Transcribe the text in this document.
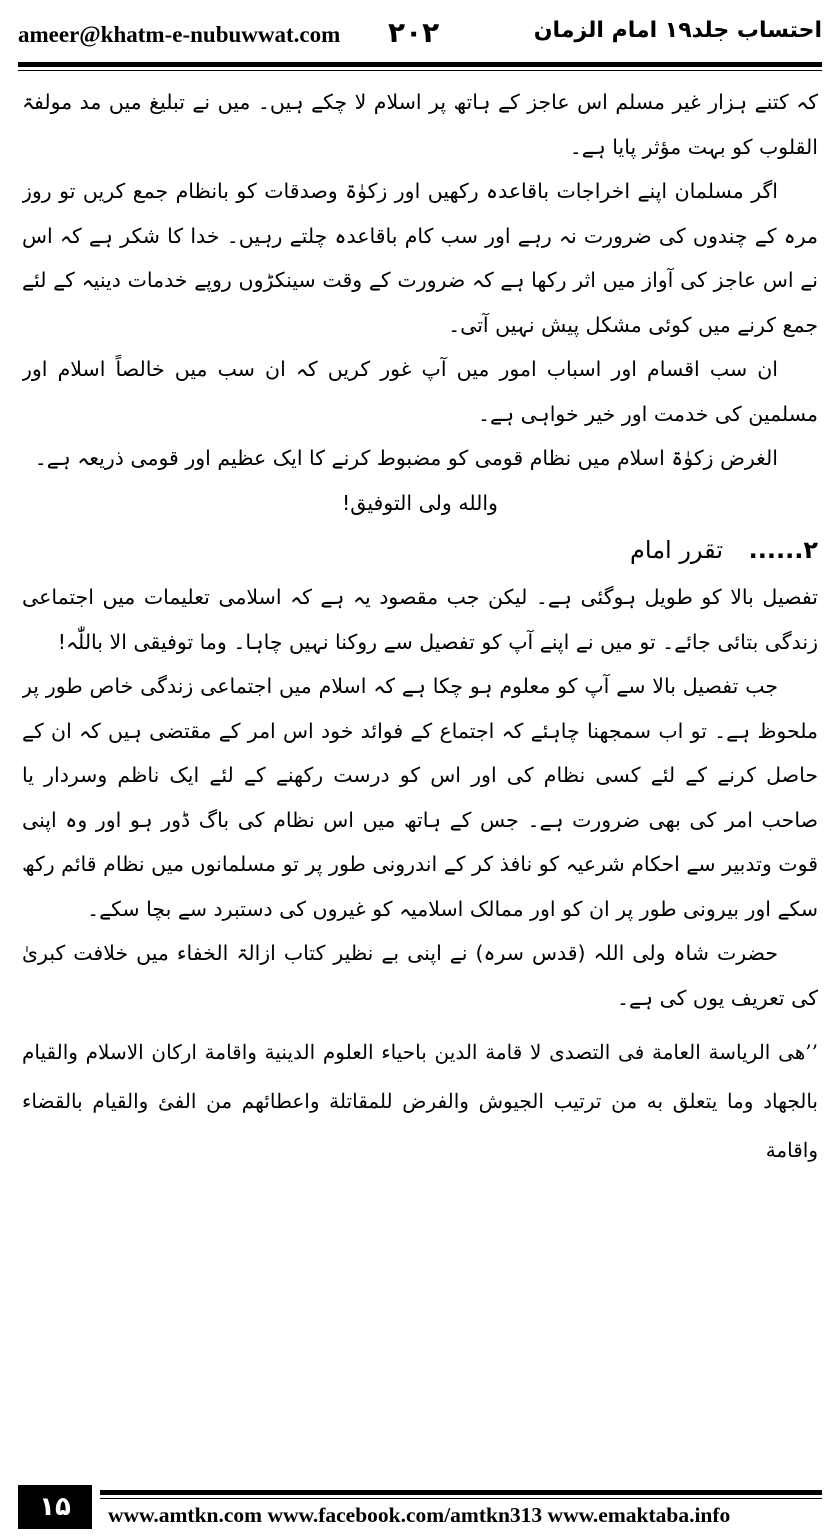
ameer@khatm-e-nubuwwat.com ۲۰۲	احتساب جلد۱۹ امام الزمان

کہ کتنے ہزار غیر مسلم اس عاجز کے ہاتھ پر اسلام لا چکے ہیں۔ میں نے تبلیغ میں مد مولفۃ القلوب کو بہت مؤثر پایا ہے۔

اگر مسلمان اپنے اخراجات باقاعدہ رکھیں اور زکوٰۃ وصدقات کو بانظام جمع کریں تو روز مرہ کے چندوں کی ضرورت نہ رہے اور سب کام باقاعدہ چلتے رہیں۔ خدا کا شکر ہے کہ اس نے اس عاجز کی آواز میں اثر رکھا ہے کہ ضرورت کے وقت سینکڑوں روپے خدمات دینیہ کے لئے جمع کرنے میں کوئی مشکل پیش نہیں آتی۔

ان سب اقسام اور اسباب امور میں آپ غور کریں کہ ان سب میں خالصاً اسلام اور مسلمین کی خدمت اور خیر خواہی ہے۔

الغرض زکوٰۃ اسلام میں نظام قومی کو مضبوط کرنے کا ایک عظیم اور قومی ذریعہ ہے۔

والله ولى التوفيق!

۲...... تقرر امام

تفصیل بالا کو طویل ہوگئی ہے۔ لیکن جب مقصود یہ ہے کہ اسلامی تعلیمات میں اجتماعی زندگی بتائی جائے۔ تو میں نے اپنے آپ کو تفصیل سے روکنا نہیں چاہا۔ وما توفیقی الا باللّٰہ!

جب تفصیل بالا سے آپ کو معلوم ہو چکا ہے کہ اسلام میں اجتماعی زندگی خاص طور پر ملحوظ ہے۔ تو اب سمجھنا چاہئے کہ اجتماع کے فوائد خود اس امر کے مقتضی ہیں کہ ان کے حاصل کرنے کے لئے کسی نظام کی اور اس کو درست رکھنے کے لئے ایک ناظم وسردار یا صاحب امر کی بھی ضرورت ہے۔ جس کے ہاتھ میں اس نظام کی باگ ڈور ہو اور وہ اپنی قوت وتدبیر سے احکام شرعیہ کو نافذ کر کے اندرونی طور پر تو مسلمانوں میں نظام قائم رکھ سکے اور بیرونی طور پر ان کو اور ممالک اسلامیہ کو غیروں کی دستبرد سے بچا سکے۔

حضرت شاہ ولی اللہ (قدس سرہ) نے اپنی بے نظیر کتاب ازالۃ الخفاء میں خلافت کبریٰ کی تعریف یوں کی ہے۔

’’ھی الریاسة العامة فی التصدی لا قامة الدین باحیاء العلوم الدینیة واقامة ارکان الاسلام والقیام بالجهاد وما یتعلق به من ترتیب الجیوش والفرض للمقاتلة واعطائهم من الفئ والقیام بالقضاء واقامة

۱۵	www.amtkn.com www.facebook.com/amtkn313 www.emaktaba.info
